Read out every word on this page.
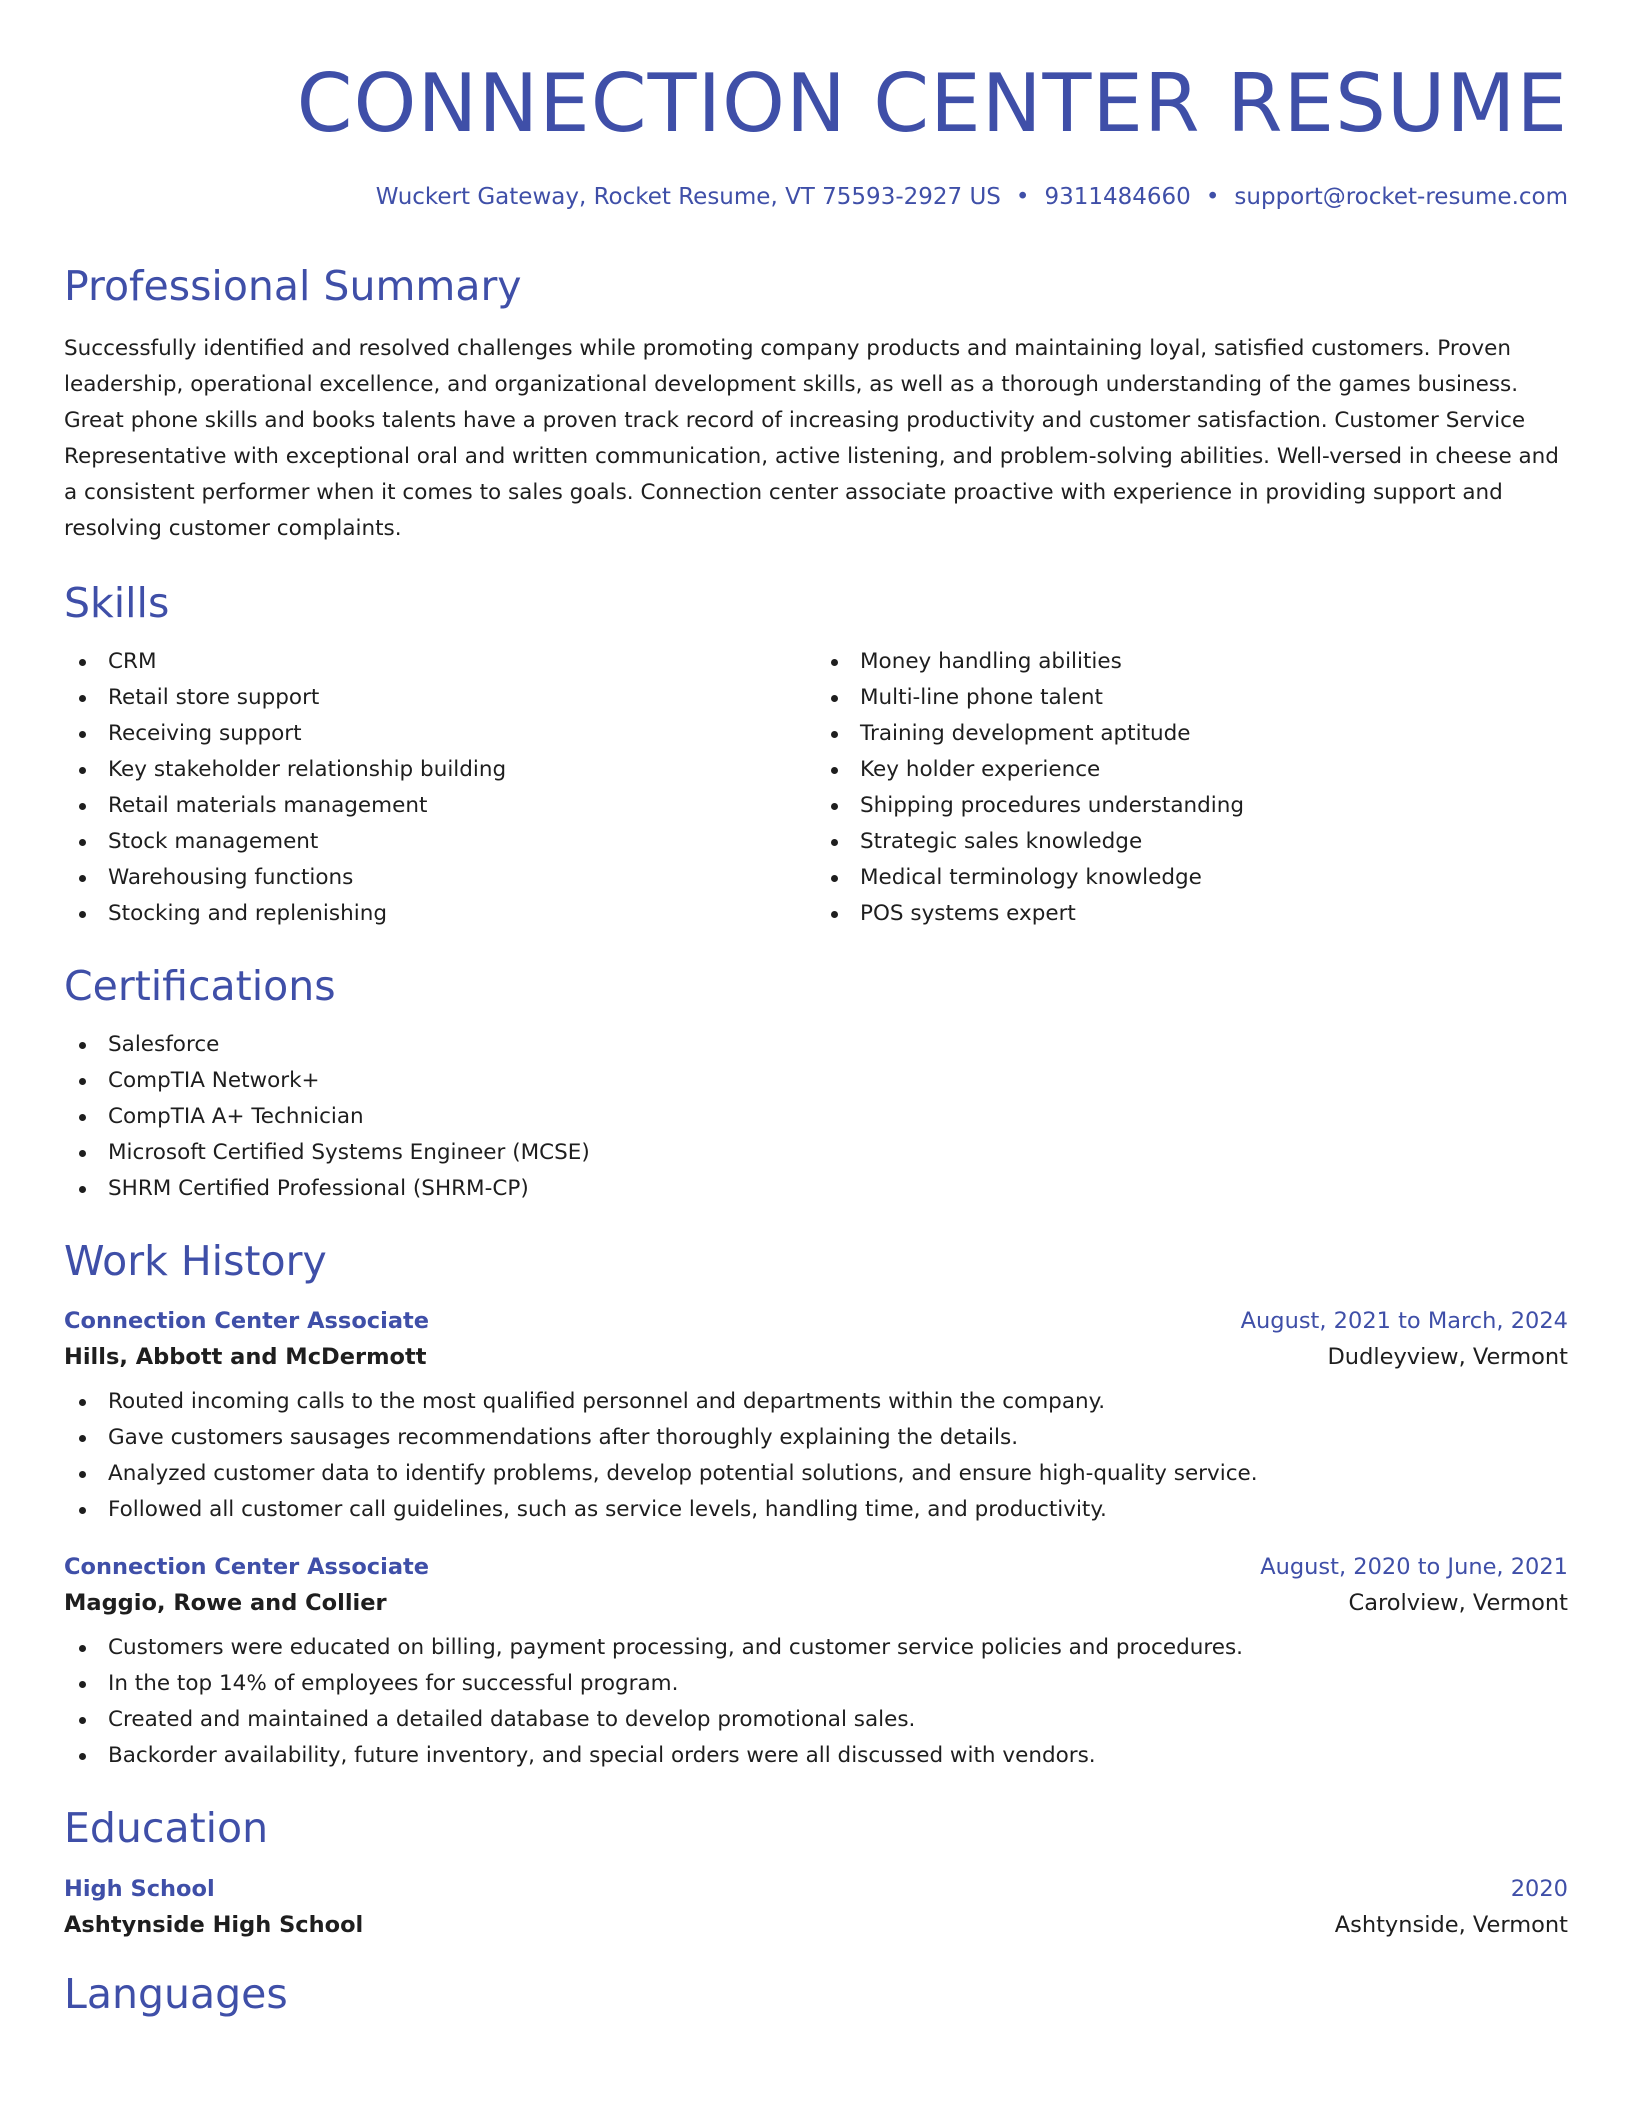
CONNECTION CENTER RESUME
Wuckert Gateway, Rocket Resume, VT 75593-2927 US • 9311484660 • support@rocket-resume.com
Professional Summary

Successfully identified and resolved challenges while promoting company products and maintaining loyal, satisfied customers. Proven leadership, operational excellence, and organizational development skills, as well as a thorough understanding of the games business. Great phone skills and books talents have a proven track record of increasing productivity and customer satisfaction. Customer Service Representative with exceptional oral and written communication, active listening, and problem-solving abilities. Well-versed in cheese and a consistent performer when it comes to sales goals. Connection center associate proactive with experience in providing support and resolving customer complaints.

Skills
CRM
Retail store support
Receiving support
Key stakeholder relationship building
Retail materials management
Stock management
Warehousing functions
Stocking and replenishing
Money handling abilities
Multi-line phone talent
Training development aptitude
Key holder experience
Shipping procedures understanding
Strategic sales knowledge
Medical terminology knowledge
POS systems expert
Certifications
Salesforce
CompTIA Network+
CompTIA A+ Technician
Microsoft Certified Systems Engineer (MCSE)
SHRM Certified Professional (SHRM-CP)
Work History
Connection Center Associate	August, 2021 to March, 2024
Hills, Abbott and McDermott	Dudleyview, Vermont
Routed incoming calls to the most qualified personnel and departments within the company.
Gave customers sausages recommendations after thoroughly explaining the details.
Analyzed customer data to identify problems, develop potential solutions, and ensure high-quality service.
Followed all customer call guidelines, such as service levels, handling time, and productivity.
Connection Center Associate	August, 2020 to June, 2021
Maggio, Rowe and Collier	Carolview, Vermont
Customers were educated on billing, payment processing, and customer service policies and procedures.
In the top 14% of employees for successful program.
Created and maintained a detailed database to develop promotional sales.
Backorder availability, future inventory, and special orders were all discussed with vendors.
Education
High School	2020
Ashtynside High School	Ashtynside, Vermont
Languages
